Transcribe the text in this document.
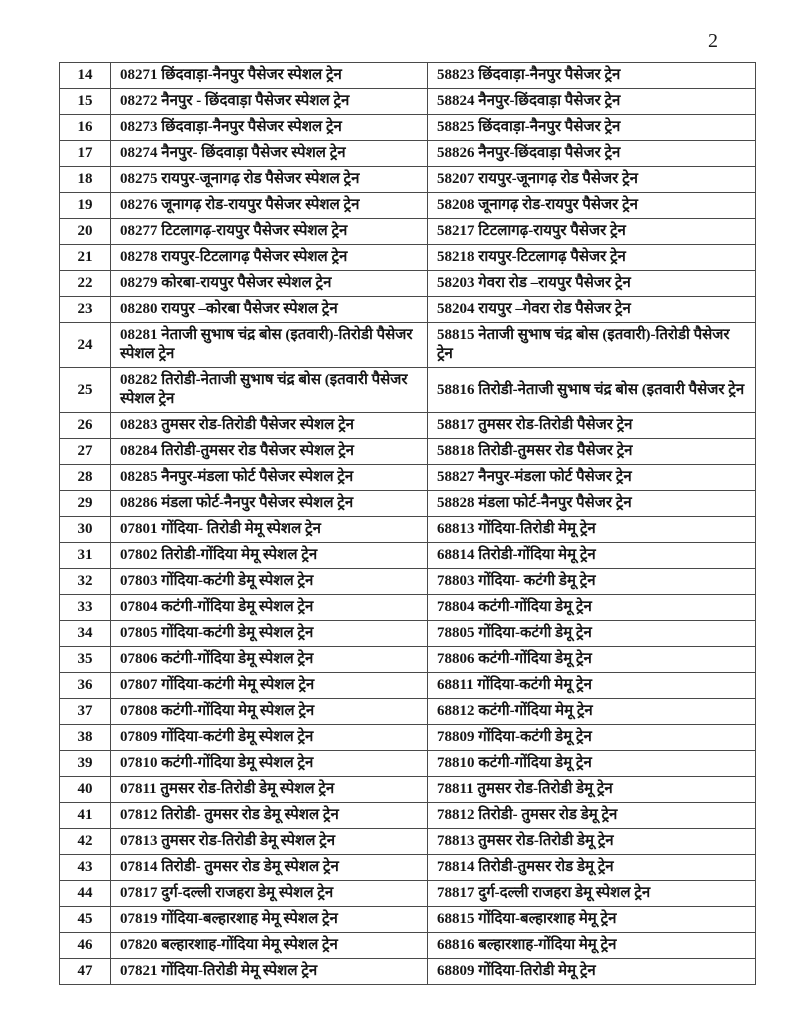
2
14	08271 छिंदवाड़ा-नैनपुर पैसेजर स्पेशल ट्रेन	58823 छिंदवाड़ा-नैनपुर पैसेजर ट्रेन
15	08272 नैनपुर - छिंदवाड़ा पैसेजर स्पेशल ट्रेन	58824 नैनपुर-छिंदवाड़ा पैसेजर ट्रेन
16	08273 छिंदवाड़ा-नैनपुर पैसेजर स्पेशल ट्रेन	58825 छिंदवाड़ा-नैनपुर पैसेजर ट्रेन
17	08274 नैनपुर- छिंदवाड़ा पैसेजर स्पेशल ट्रेन	58826 नैनपुर-छिंदवाड़ा पैसेजर ट्रेन
18	08275 रायपुर-जूनागढ़ रोड पैसेजर स्पेशल ट्रेन	58207 रायपुर-जूनागढ़ रोड पैसेजर ट्रेन
19	08276 जूनागढ़ रोड-रायपुर पैसेजर स्पेशल ट्रेन	58208 जूनागढ़ रोड-रायपुर पैसेजर ट्रेन
20	08277 टिटलागढ़-रायपुर पैसेजर स्पेशल ट्रेन	58217 टिटलागढ़-रायपुर पैसेजर ट्रेन
21	08278 रायपुर-टिटलागढ़ पैसेजर स्पेशल ट्रेन	58218 रायपुर-टिटलागढ़ पैसेजर ट्रेन
22	08279 कोरबा-रायपुर पैसेजर स्पेशल ट्रेन	58203 गेवरा रोड –रायपुर पैसेजर ट्रेन
23	08280 रायपुर –कोरबा पैसेजर स्पेशल ट्रेन	58204 रायपुर –गेवरा रोड पैसेजर ट्रेन
24	08281 नेताजी सुभाष चंद्र बोस (इतवारी)-तिरोडी पैसेजर स्पेशल ट्रेन	58815 नेताजी सुभाष चंद्र बोस (इतवारी)-तिरोडी पैसेजर ट्रेन
25	08282 तिरोडी-नेताजी सुभाष चंद्र बोस (इतवारी पैसेजर स्पेशल ट्रेन	58816 तिरोडी-नेताजी सुभाष चंद्र बोस (इतवारी पैसेजर ट्रेन
26	08283 तुमसर रोड-तिरोडी पैसेजर स्पेशल ट्रेन	58817 तुमसर रोड-तिरोडी पैसेजर ट्रेन
27	08284 तिरोडी-तुमसर रोड पैसेजर स्पेशल ट्रेन	58818 तिरोडी-तुमसर रोड पैसेजर ट्रेन
28	08285 नैनपुर-मंडला फोर्ट पैसेजर स्पेशल ट्रेन	58827 नैनपुर-मंडला फोर्ट पैसेजर ट्रेन
29	08286 मंडला फोर्ट-नैनपुर पैसेजर स्पेशल ट्रेन	58828 मंडला फोर्ट-नैनपुर पैसेजर ट्रेन
30	07801 गोंदिया- तिरोडी मेमू स्पेशल ट्रेन	68813 गोंदिया-तिरोडी मेमू ट्रेन
31	07802 तिरोडी-गोंदिया मेमू स्पेशल ट्रेन	68814 तिरोडी-गोंदिया मेमू ट्रेन
32	07803 गोंदिया-कटंगी डेमू स्पेशल ट्रेन	78803 गोंदिया- कटंगी डेमू ट्रेन
33	07804 कटंगी-गोंदिया डेमू स्पेशल ट्रेन	78804 कटंगी-गोंदिया डेमू ट्रेन
34	07805 गोंदिया-कटंगी डेमू स्पेशल ट्रेन	78805 गोंदिया-कटंगी डेमू ट्रेन
35	07806 कटंगी-गोंदिया डेमू स्पेशल ट्रेन	78806 कटंगी-गोंदिया डेमू ट्रेन
36	07807 गोंदिया-कटंगी मेमू स्पेशल ट्रेन	68811 गोंदिया-कटंगी मेमू ट्रेन
37	07808 कटंगी-गोंदिया मेमू स्पेशल ट्रेन	68812 कटंगी-गोंदिया मेमू ट्रेन
38	07809 गोंदिया-कटंगी डेमू स्पेशल ट्रेन	78809 गोंदिया-कटंगी डेमू ट्रेन
39	07810 कटंगी-गोंदिया डेमू स्पेशल ट्रेन	78810 कटंगी-गोंदिया डेमू ट्रेन
40	07811 तुमसर रोड-तिरोडी डेमू स्पेशल ट्रेन	78811 तुमसर रोड-तिरोडी डेमू ट्रेन
41	07812 तिरोडी- तुमसर रोड डेमू स्पेशल ट्रेन	78812 तिरोडी- तुमसर रोड डेमू ट्रेन
42	07813 तुमसर रोड-तिरोडी डेमू स्पेशल ट्रेन	78813 तुमसर रोड-तिरोडी डेमू ट्रेन
43	07814 तिरोडी- तुमसर रोड डेमू स्पेशल ट्रेन	78814 तिरोडी-तुमसर रोड डेमू ट्रेन
44	07817 दुर्ग-दल्ली राजहरा डेमू स्पेशल ट्रेन	78817 दुर्ग-दल्ली राजहरा डेमू स्पेशल ट्रेन
45	07819 गोंदिया-बल्हारशाह मेमू स्पेशल ट्रेन	68815 गोंदिया-बल्हारशाह मेमू ट्रेन
46	07820 बल्हारशाह-गोंदिया मेमू स्पेशल ट्रेन	68816 बल्हारशाह-गोंदिया मेमू ट्रेन
47	07821 गोंदिया-तिरोडी मेमू स्पेशल ट्रेन	68809 गोंदिया-तिरोडी मेमू ट्रेन
